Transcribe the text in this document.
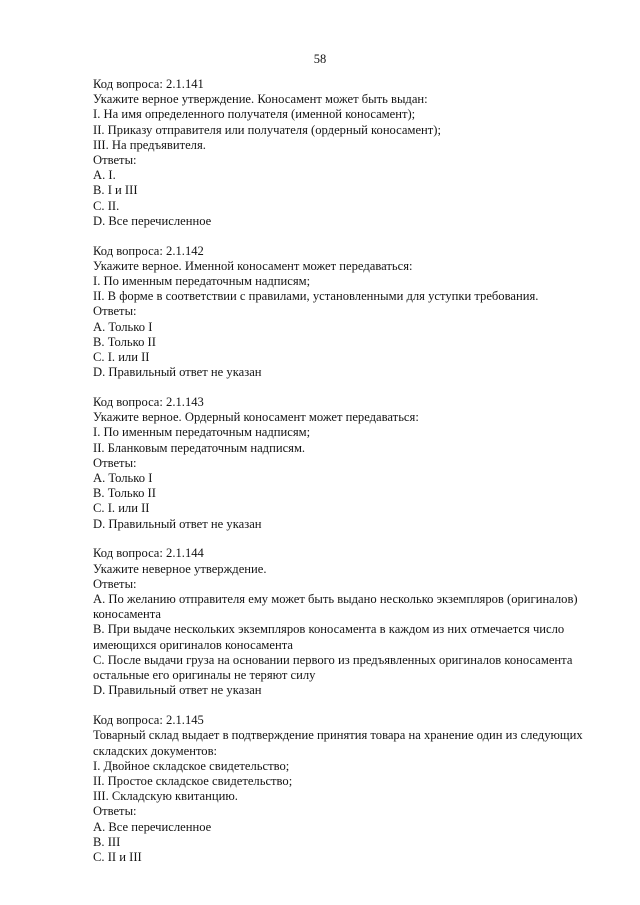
58
Код вопроса: 2.1.141
Укажите верное утверждение. Коносамент может быть выдан:
I. На имя определенного получателя (именной коносамент);
II. Приказу отправителя или получателя (ордерный коносамент);
III. На предъявителя.
Ответы:
А. I.
В. I и III
С. II.
D. Все перечисленное
Код вопроса: 2.1.142
Укажите верное. Именной коносамент может передаваться:
I. По именным передаточным надписям;
II. В форме в соответствии с правилами, установленными для уступки требования.
Ответы:
А. Только I
В. Только II
С. I. или II
D. Правильный ответ не указан
Код вопроса: 2.1.143
Укажите верное. Ордерный коносамент может передаваться:
I. По именным передаточным надписям;
II. Бланковым передаточным надписям.
Ответы:
А. Только I
В. Только II
С. I. или II
D. Правильный ответ не указан
Код вопроса: 2.1.144
Укажите неверное утверждение.
Ответы:
А. По желанию отправителя ему может быть выдано несколько экземпляров (оригиналов) коносамента
В. При выдаче нескольких экземпляров коносамента в каждом из них отмечается число имеющихся оригиналов коносамента
С. После выдачи груза на основании первого из предъявленных оригиналов коносамента остальные его оригиналы не теряют силу
D. Правильный ответ не указан
Код вопроса: 2.1.145
Товарный склад выдает в подтверждение принятия товара на хранение один из следующих складских документов:
I. Двойное складское свидетельство;
II. Простое складское свидетельство;
III. Складскую квитанцию.
Ответы:
А. Все перечисленное
В. III
С. II и III
